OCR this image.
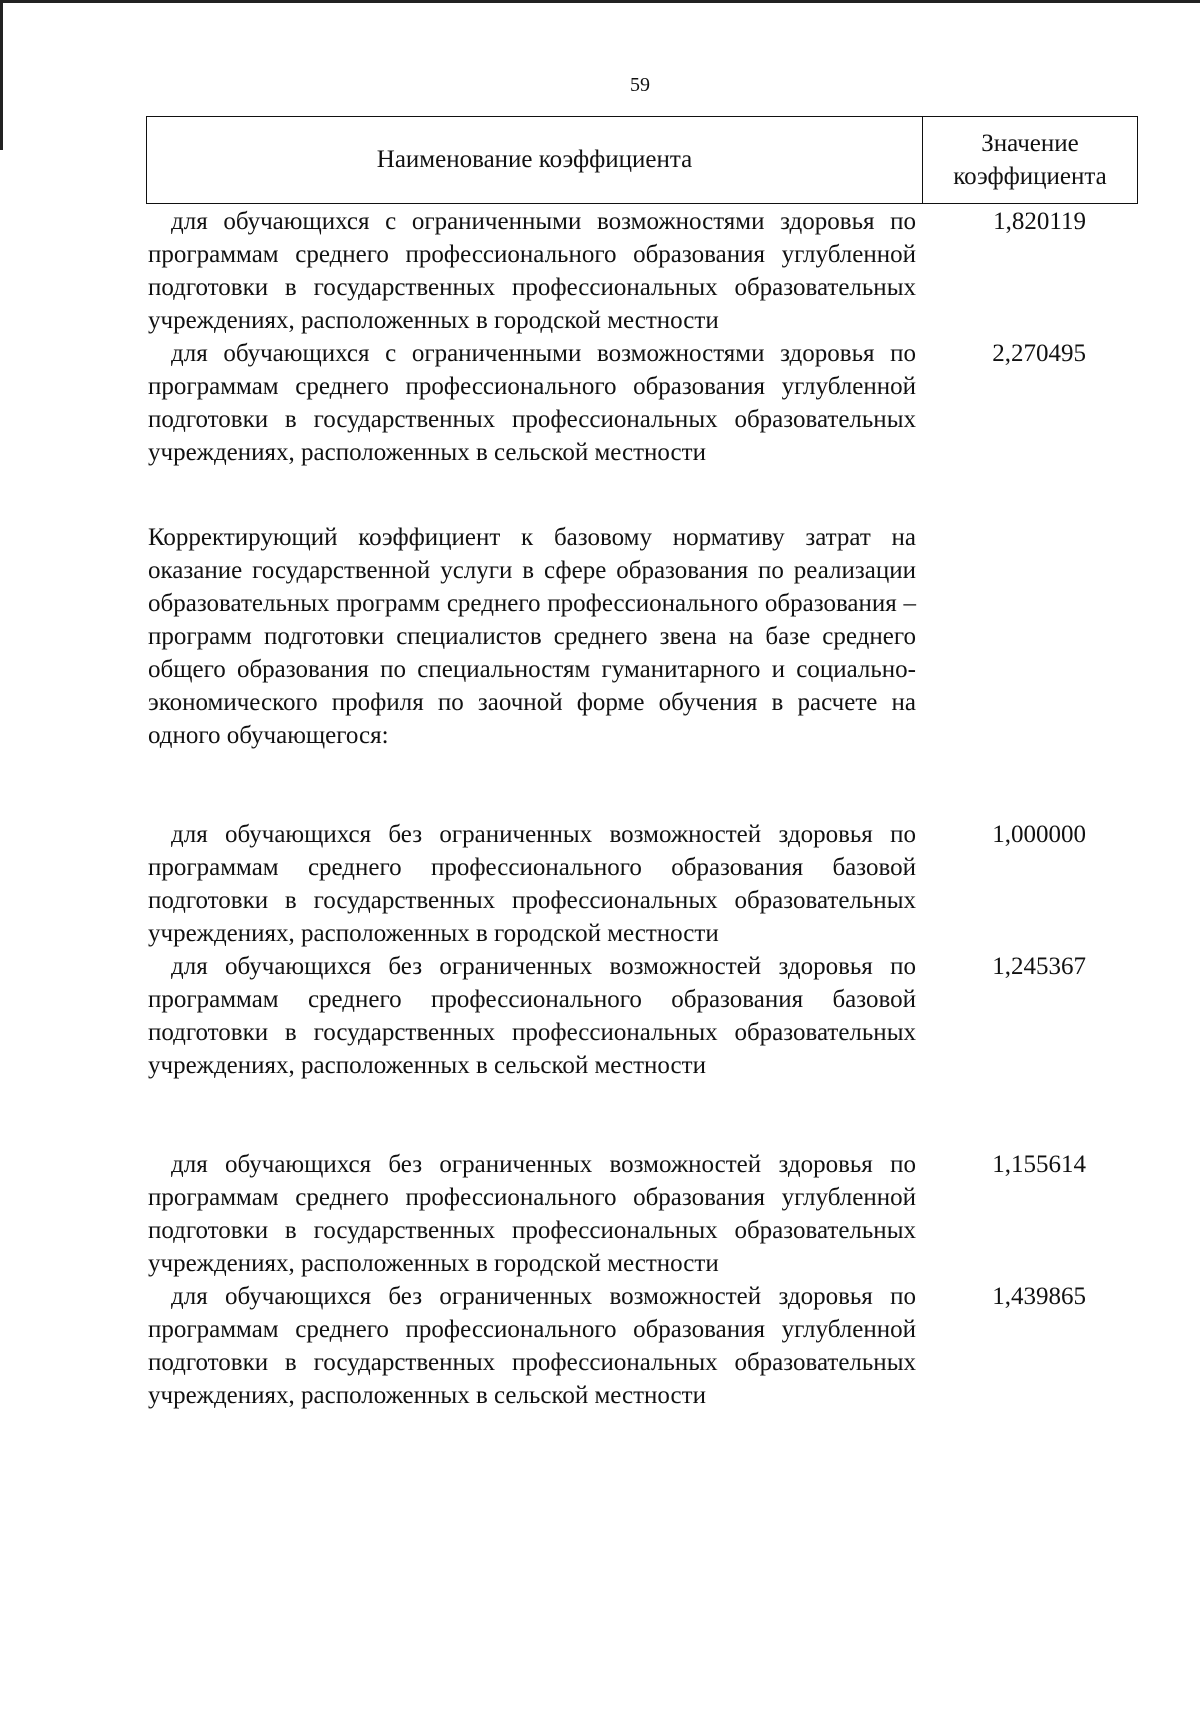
59
Наименование коэффициента
Значение
коэффициента
для обучающихся с ограниченными возможностями здоровья по программам среднего профессионального образования углубленной подготовки в государственных профессиональных образовательных учреждениях, расположенных в городской местности
1,820119
для обучающихся с ограниченными возможностями здоровья по программам среднего профессионального образования углубленной подготовки в государственных профессиональных образовательных учреждениях, расположенных в сельской местности
2,270495
Корректирующий коэффициент к базовому нормативу затрат на оказание государственной услуги в сфере образования по реализации образовательных программ среднего профессионального образования – программ подготовки специалистов среднего звена на базе среднего общего образования по специальностям гуманитарного и социально-экономического профиля по заочной форме обучения в расчете на одного обучающегося:
для обучающихся без ограниченных возможностей здоровья по программам среднего профессионального образования базовой подготовки в государственных профессиональных образовательных учреждениях, расположенных в городской местности
1,000000
для обучающихся без ограниченных возможностей здоровья по программам среднего профессионального образования базовой подготовки в государственных профессиональных образовательных учреждениях, расположенных в сельской местности
1,245367
для обучающихся без ограниченных возможностей здоровья по программам среднего профессионального образования углубленной подготовки в государственных профессиональных образовательных учреждениях, расположенных в городской местности
1,155614
для обучающихся без ограниченных возможностей здоровья по программам среднего профессионального образования углубленной подготовки в государственных профессиональных образовательных учреждениях, расположенных в сельской местности
1,439865
